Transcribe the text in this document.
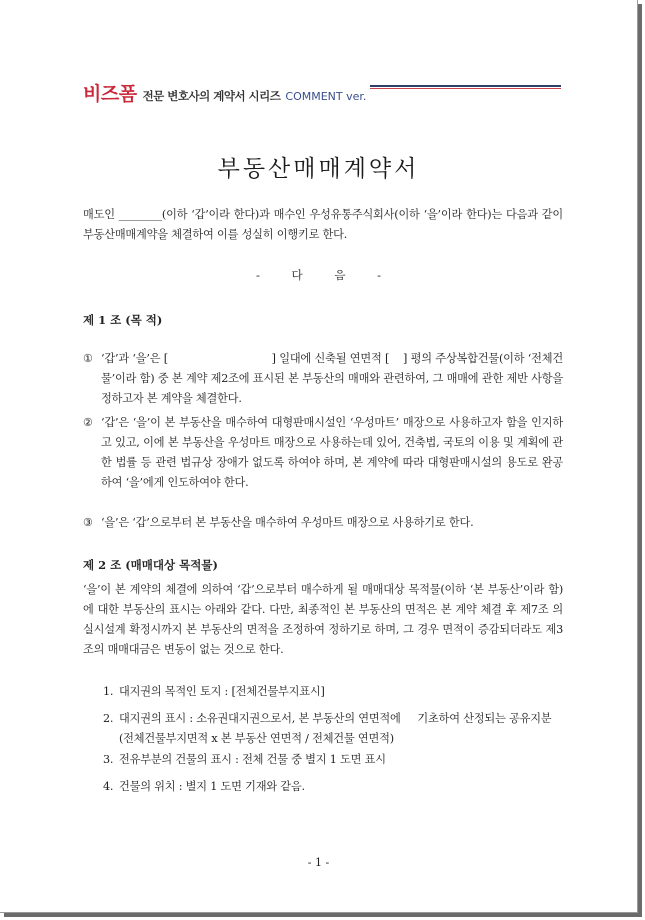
비즈폼 전문 변호사의 계약서 시리즈 COMMENT ver.
부동산매매계약서

매도인 ________(이하 ‘갑’이라 한다)과 매수인 우성유통주식회사(이하 ‘을’이라 한다)는 다음과 같이 부동산매매계약을 체결하여 이를 성실히 이행키로 한다.

- 다 음 -
제 1 조 (목 적)
① ‘갑’과 ‘을’은 [                              ] 일대에 신축될 연면적 [    ] 평의 주상복합건물(이하 ‘전체건물’이라 함) 중 본 계약 제2조에 표시된 본 부동산의 매매와 관련하여, 그 매매에 관한 제반 사항을 정하고자 본 계약을 체결한다.
② ‘갑’은 ‘을’이 본 부동산을 매수하여 대형판매시설인 ‘우성마트’ 매장으로 사용하고자 함을 인지하고 있고, 이에 본 부동산을 우성마트 매장으로 사용하는데 있어, 건축법, 국토의 이용 및 계획에 관한 법률 등 관련 법규상 장애가 없도록 하여야 하며, 본 계약에 따라 대형판매시설의 용도로 완공하여 ‘을’에게 인도하여야 한다.
③ ‘을’은 ‘갑’으로부터 본 부동산을 매수하여 우성마트 매장으로 사용하기로 한다.
제 2 조 (매매대상 목적물)

‘을’이 본 계약의 체결에 의하여 ‘갑’으로부터 매수하게 될 매매대상 목적물(이하 ‘본 부동산’이라 함)에 대한 부동산의 표시는 아래와 같다. 다만, 최종적인 본 부동산의 면적은 본 계약 체결 후 제7조 의 실시설계 확정시까지 본 부동산의 면적을 조정하여 정하기로 하며, 그 경우 면적이 증감되더라도 제3조의 매매대금은 변동이 없는 것으로 한다.

1. 대지권의 목적인 토지 : [전체건물부지표시]
2. 대지권의 표시 : 소유권대지권으로서, 본 부동산의 연면적에     기초하여 산정되는 공유지분(전체건물부지면적 x 본 부동산 연면적 / 전체건물 연면적)
3. 전유부분의 건물의 표시 : 전체 건물 중 별지 1 도면 표시
4. 건물의 위치 : 별지 1 도면 기재와 같음.
- 1 -
